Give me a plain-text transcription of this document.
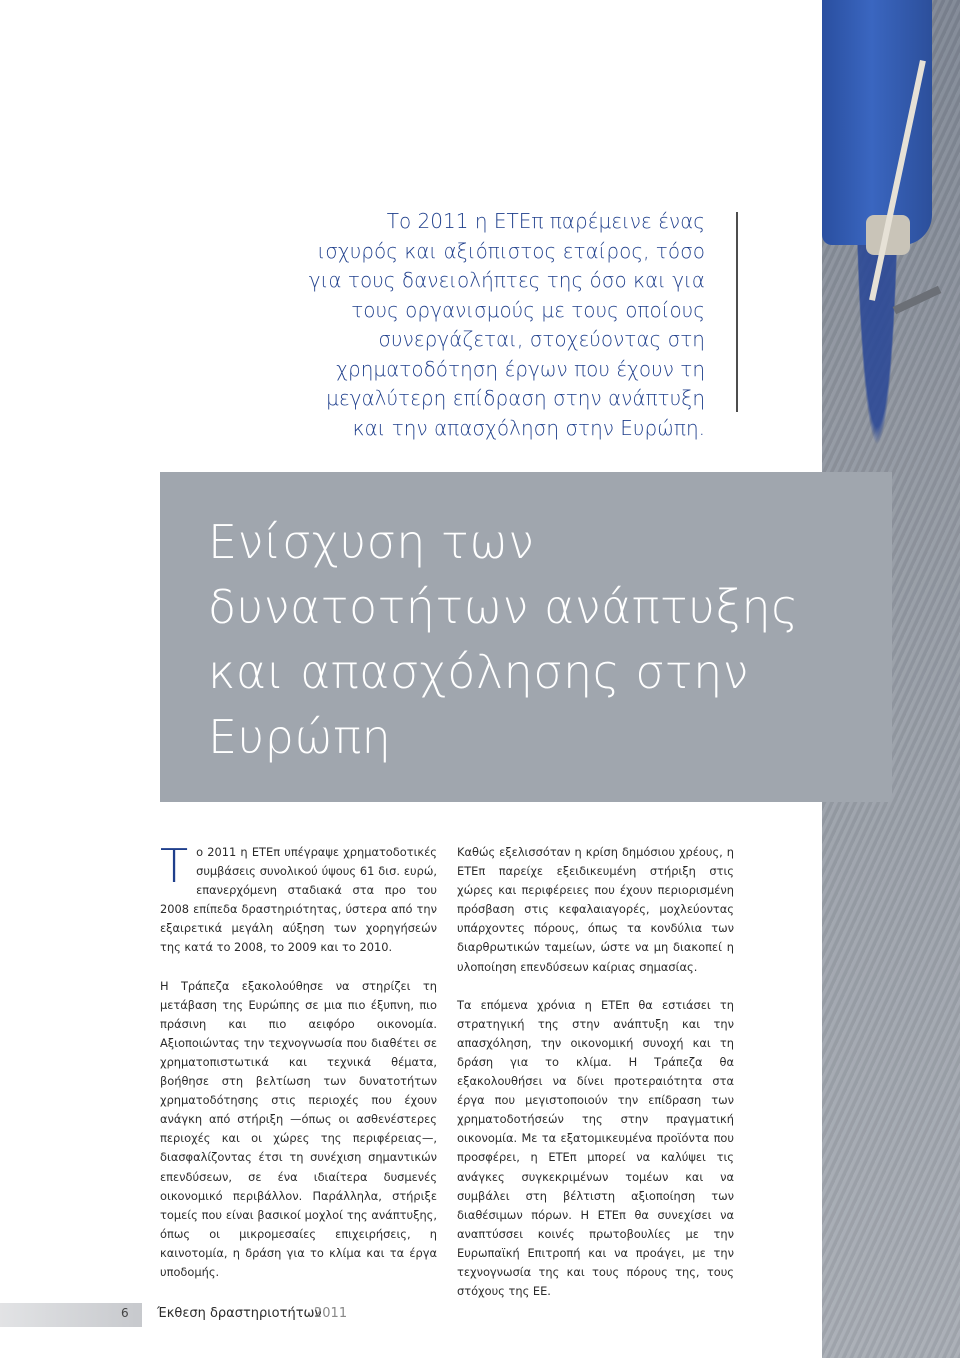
Το 2011 η ΕΤΕπ παρέμεινε ένας ισχυρός και αξιόπιστος εταίρος, τόσο για τους δανειολήπτες της όσο και για τους οργανισμούς με τους οποίους συνεργάζεται, στοχεύοντας στη χρηματοδότηση έργων που έχουν τη μεγαλύτερη επίδραση στην ανάπτυξη και την απασχόληση στην Ευρώπη.
Ενίσχυση των
δυνατοτήτων ανάπτυξης
και απασχόλησης στην
Ευρώπη

Το 2011 η ΕΤΕπ υπέγραψε χρηματοδοτικές συμβάσεις συνολικού ύψους 61 δισ. ευρώ, επανερχόμενη σταδιακά στα προ του 2008 επίπεδα δραστηριότητας, ύστερα από την εξαιρετικά μεγάλη αύξηση των χορηγήσεών της κατά το 2008, το 2009 και το 2010.

Η Τράπεζα εξακολούθησε να στηρίζει τη μετάβαση της Ευρώπης σε μια πιο έξυπνη, πιο πράσινη και πιο αειφόρο οικονομία. Αξιοποιώντας την τεχνογνωσία που διαθέτει σε χρηματοπιστωτικά και τεχνικά θέματα, βοήθησε στη βελτίωση των δυνατοτήτων χρηματοδότησης στις περιοχές που έχουν ανάγκη από στήριξη —όπως οι ασθενέστερες περιοχές και οι χώρες της περιφέρειας—, διασφαλίζοντας έτσι τη συνέχιση σημαντικών επενδύσεων, σε ένα ιδιαίτερα δυσμενές οικονομικό περιβάλλον. Παράλληλα, στήριξε τομείς που είναι βασικοί μοχλοί της ανάπτυξης, όπως οι μικρομεσαίες επιχειρήσεις, η καινοτομία, η δράση για το κλίμα και τα έργα υποδομής.

Καθώς εξελισσόταν η κρίση δημόσιου χρέους, η ΕΤΕπ παρείχε εξειδικευμένη στήριξη στις χώρες και περιφέρειες που έχουν περιορισμένη πρόσβαση στις κεφαλαιαγορές, μοχλεύοντας υπάρχοντες πόρους, όπως τα κονδύλια των διαρθρωτικών ταμείων, ώστε να μη διακοπεί η υλοποίηση επενδύσεων καίριας σημασίας.

Τα επόμενα χρόνια η ΕΤΕπ θα εστιάσει τη στρατηγική της στην ανάπτυξη και την απασχόληση, την οικονομική συνοχή και τη δράση για το κλίμα. Η Τράπεζα θα εξακολουθήσει να δίνει προτεραιότητα στα έργα που μεγιστοποιούν την επίδραση των χρηματοδοτήσεών της στην πραγματική οικονομία. Με τα εξατομικευμένα προϊόντα που προσφέρει, η ΕΤΕπ μπορεί να καλύψει τις ανάγκες συγκεκριμένων τομέων και να συμβάλει στη βέλτιστη αξιοποίηση των διαθέσιμων πόρων. Η ΕΤΕπ θα συνεχίσει να αναπτύσσει κοινές πρωτοβουλίες με την Ευρωπαϊκή Επιτροπή και να προάγει, με την τεχνογνωσία της και τους πόρους της, τους στόχους της ΕΕ.

6 Έκθεση δραστηριοτήτων
2011
